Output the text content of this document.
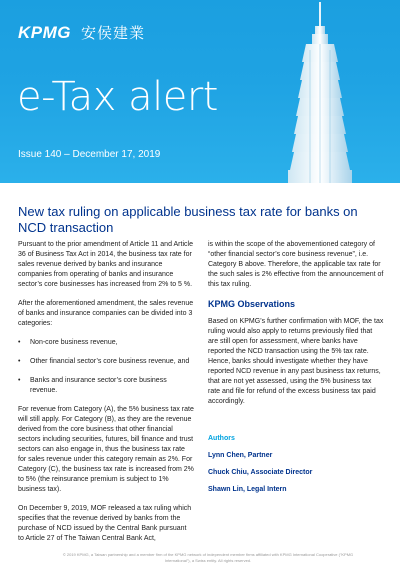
KPMG 安侯建業
e-Tax alert
Issue 140 – December 17, 2019
New tax ruling on applicable business tax rate for banks on NCD transaction

Pursuant to the prior amendment of Article 11 and Article 36 of Business Tax Act in 2014, the business tax rate for sales revenue derived by banks and insurance companies from operating of banks and insurance sector’s core businesses has increased from 2% to 5 %.

After the aforementioned amendment, the sales revenue of banks and insurance companies can be divided into 3 categories:

• Non-core business revenue,
• Other financial sector’s core business revenue, and
• Banks and insurance sector’s core business revenue.

For revenue from Category (A), the 5% business tax rate will still apply. For Category (B), as they are the revenue derived from the core business that other financial sectors including securities, futures, bill finance and trust sectors can also engage in, thus the business tax rate for sales revenue under this category remain as 2%. For Category (C), the business tax rate is increased from 2% to 5% (the reinsurance premium is subject to 1% business tax).

On December 9, 2019, MOF released a tax ruling which specifies that the revenue derived by banks from the purchase of NCD issued by the Central Bank pursuant to Article 27 of The Taiwan Central Bank Act,

is within the scope of the abovementioned category of “other financial sector’s core business revenue”, i.e. Category B above. Therefore, the applicable tax rate for the such sales is 2% effective from the announcement of this tax ruling.

KPMG Observations

Based on KPMG’s further confirmation with MOF, the tax ruling would also apply to returns previously filed that are still open for assessment, where banks have reported the NCD transaction using the 5% tax rate. Hence, banks should investigate whether they have reported NCD revenue in any past business tax returns, that are not yet assessed, using the 5% business tax rate and file for refund of the excess business tax paid accordingly.

Authors
Lynn Chen, Partner
Chuck Chiu, Associate Director
Shawn Lin, Legal Intern
© 2019 KPMG, a Taiwan partnership and a member firm of the KPMG network of independent member firms affiliated with KPMG International Cooperative ("KPMG International"), a Swiss entity. All rights reserved.
